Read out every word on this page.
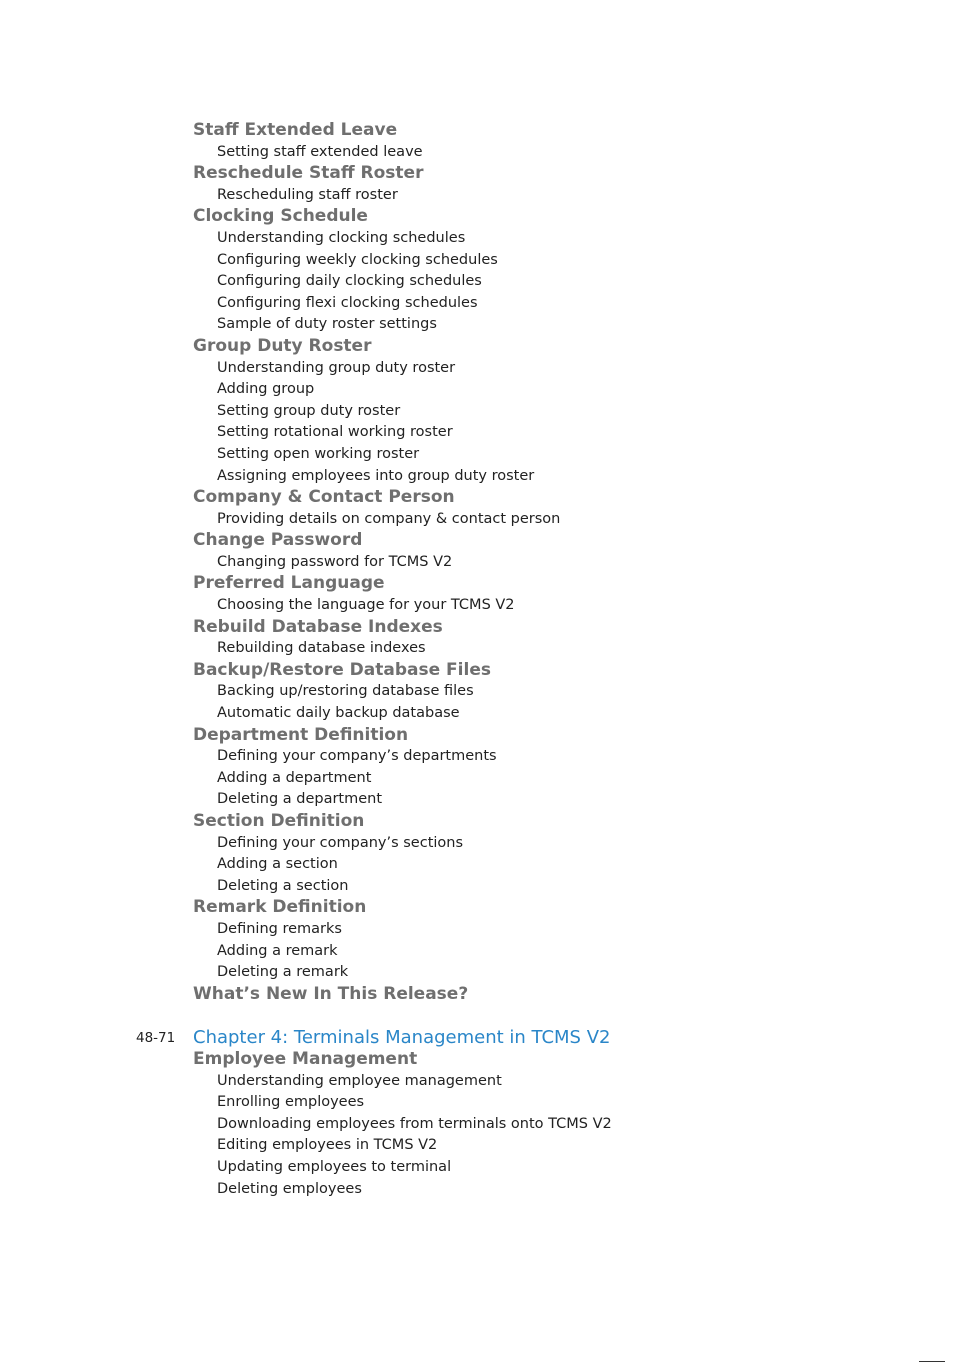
Staff Extended Leave
Setting staff extended leave
Reschedule Staff Roster
Rescheduling staff roster
Clocking Schedule
Understanding clocking schedules
Configuring weekly clocking schedules
Configuring daily clocking schedules
Configuring flexi clocking schedules
Sample of duty roster settings
Group Duty Roster
Understanding group duty roster
Adding group
Setting group duty roster
Setting rotational working roster
Setting open working roster
Assigning employees into group duty roster
Company & Contact Person
Providing details on company & contact person
Change Password
Changing password for TCMS V2
Preferred Language
Choosing the language for your TCMS V2
Rebuild Database Indexes
Rebuilding database indexes
Backup/Restore Database Files
Backing up/restoring database files
Automatic daily backup database
Department Definition
Defining your company’s departments
Adding a department
Deleting a department
Section Definition
Defining your company’s sections
Adding a section
Deleting a section
Remark Definition
Defining remarks
Adding a remark
Deleting a remark
What’s New In This Release?
48-71 Chapter 4: Terminals Management in TCMS V2
Employee Management
Understanding employee management
Enrolling employees
Downloading employees from terminals onto TCMS V2
Editing employees in TCMS V2
Updating employees to terminal
Deleting employees
